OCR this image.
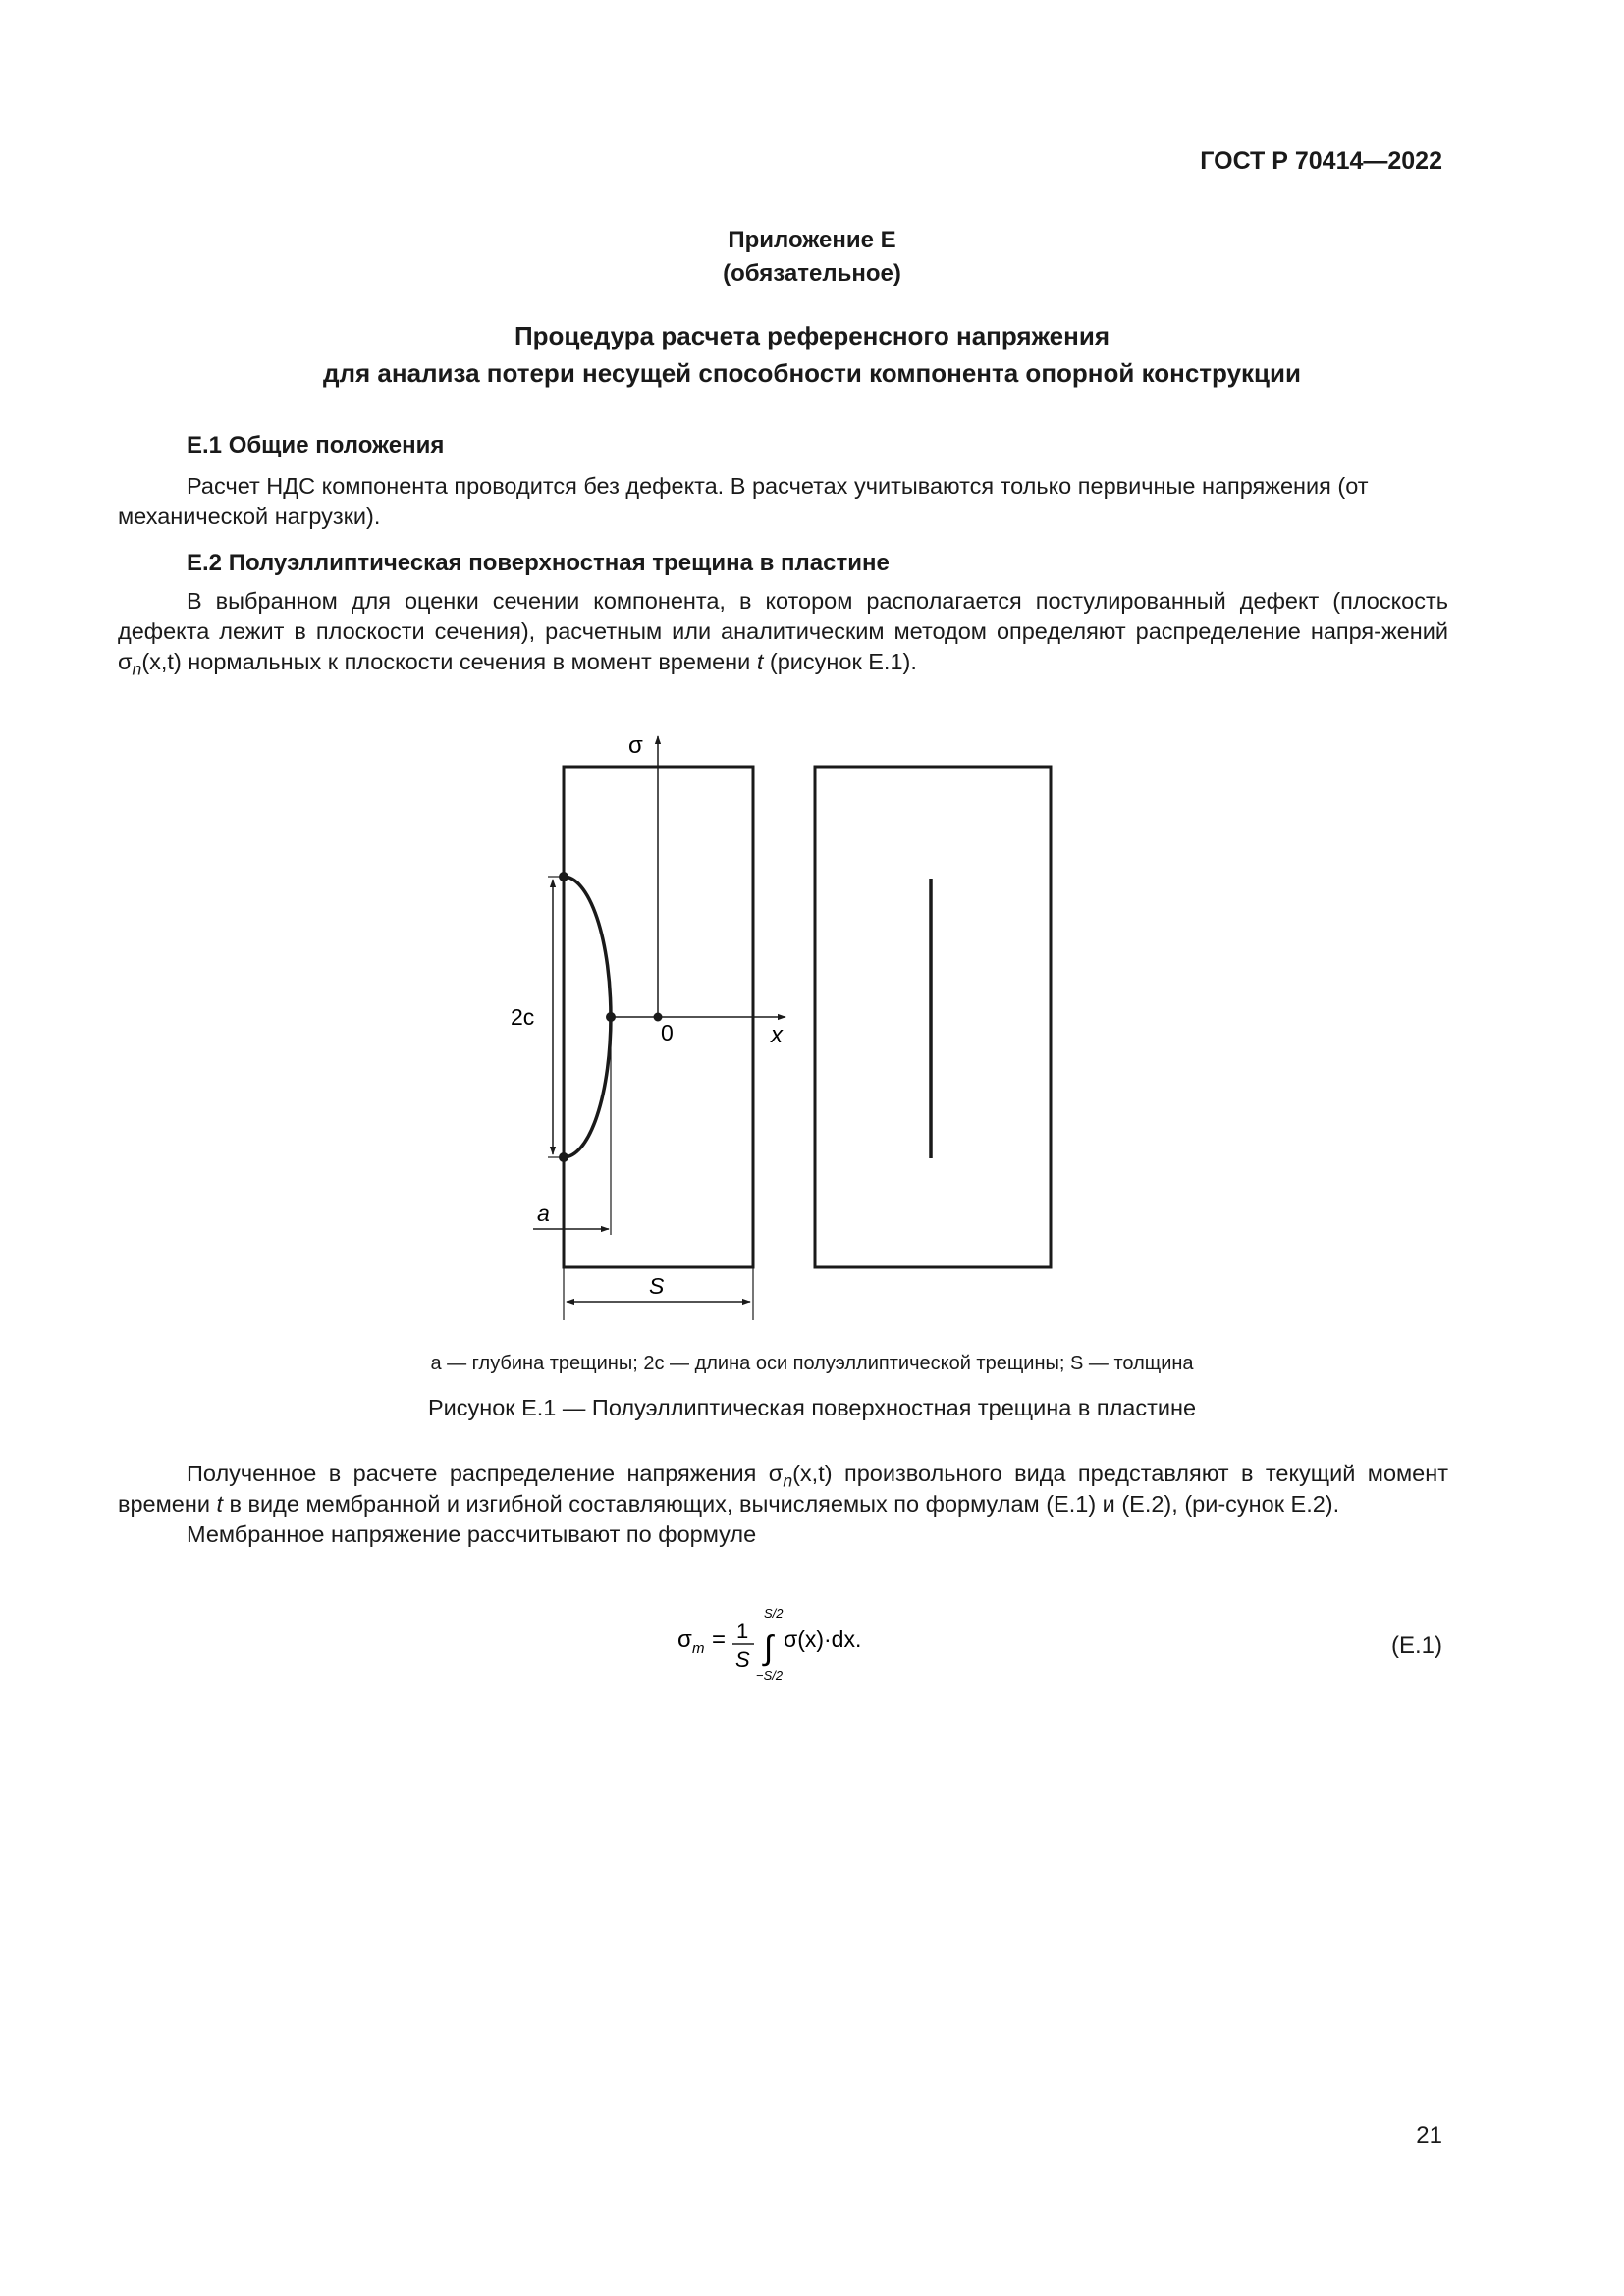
ГОСТ Р 70414—2022
Приложение Е
(обязательное)
Процедура расчета референсного напряжения
для анализа потери несущей способности компонента опорной конструкции
Е.1 Общие положения

Расчет НДС компонента проводится без дефекта. В расчетах учитываются только первичные напряжения (от механической нагрузки).

Е.2 Полуэллиптическая поверхностная трещина в пластине

В выбранном для оценки сечении компонента, в котором располагается постулированный дефект (плоскость дефекта лежит в плоскости сечения), расчетным или аналитическим методом определяют распределение напря-жений $\sigma_n(x,t)$ нормальных к плоскости сечения в момент времени t (рисунок Е.1).

σ
2c
0	x
a
S
a — глубина трещины; 2c — длина оси полуэллиптической трещины; S — толщина
Рисунок Е.1 — Полуэллиптическая поверхностная трещина в пластине

Полученное в расчете распределение напряжения $\sigma_n(x,t)$ произвольного вида представляют в текущий момент времени t в виде мембранной и изгибной составляющих, вычисляемых по формулам (Е.1) и (Е.2), (ри-сунок Е.2).

Мембранное напряжение рассчитывают по формуле

σ m = 1
S ∫
S/2
−S/2
σ(x)·dx.	(Е.1)
21
